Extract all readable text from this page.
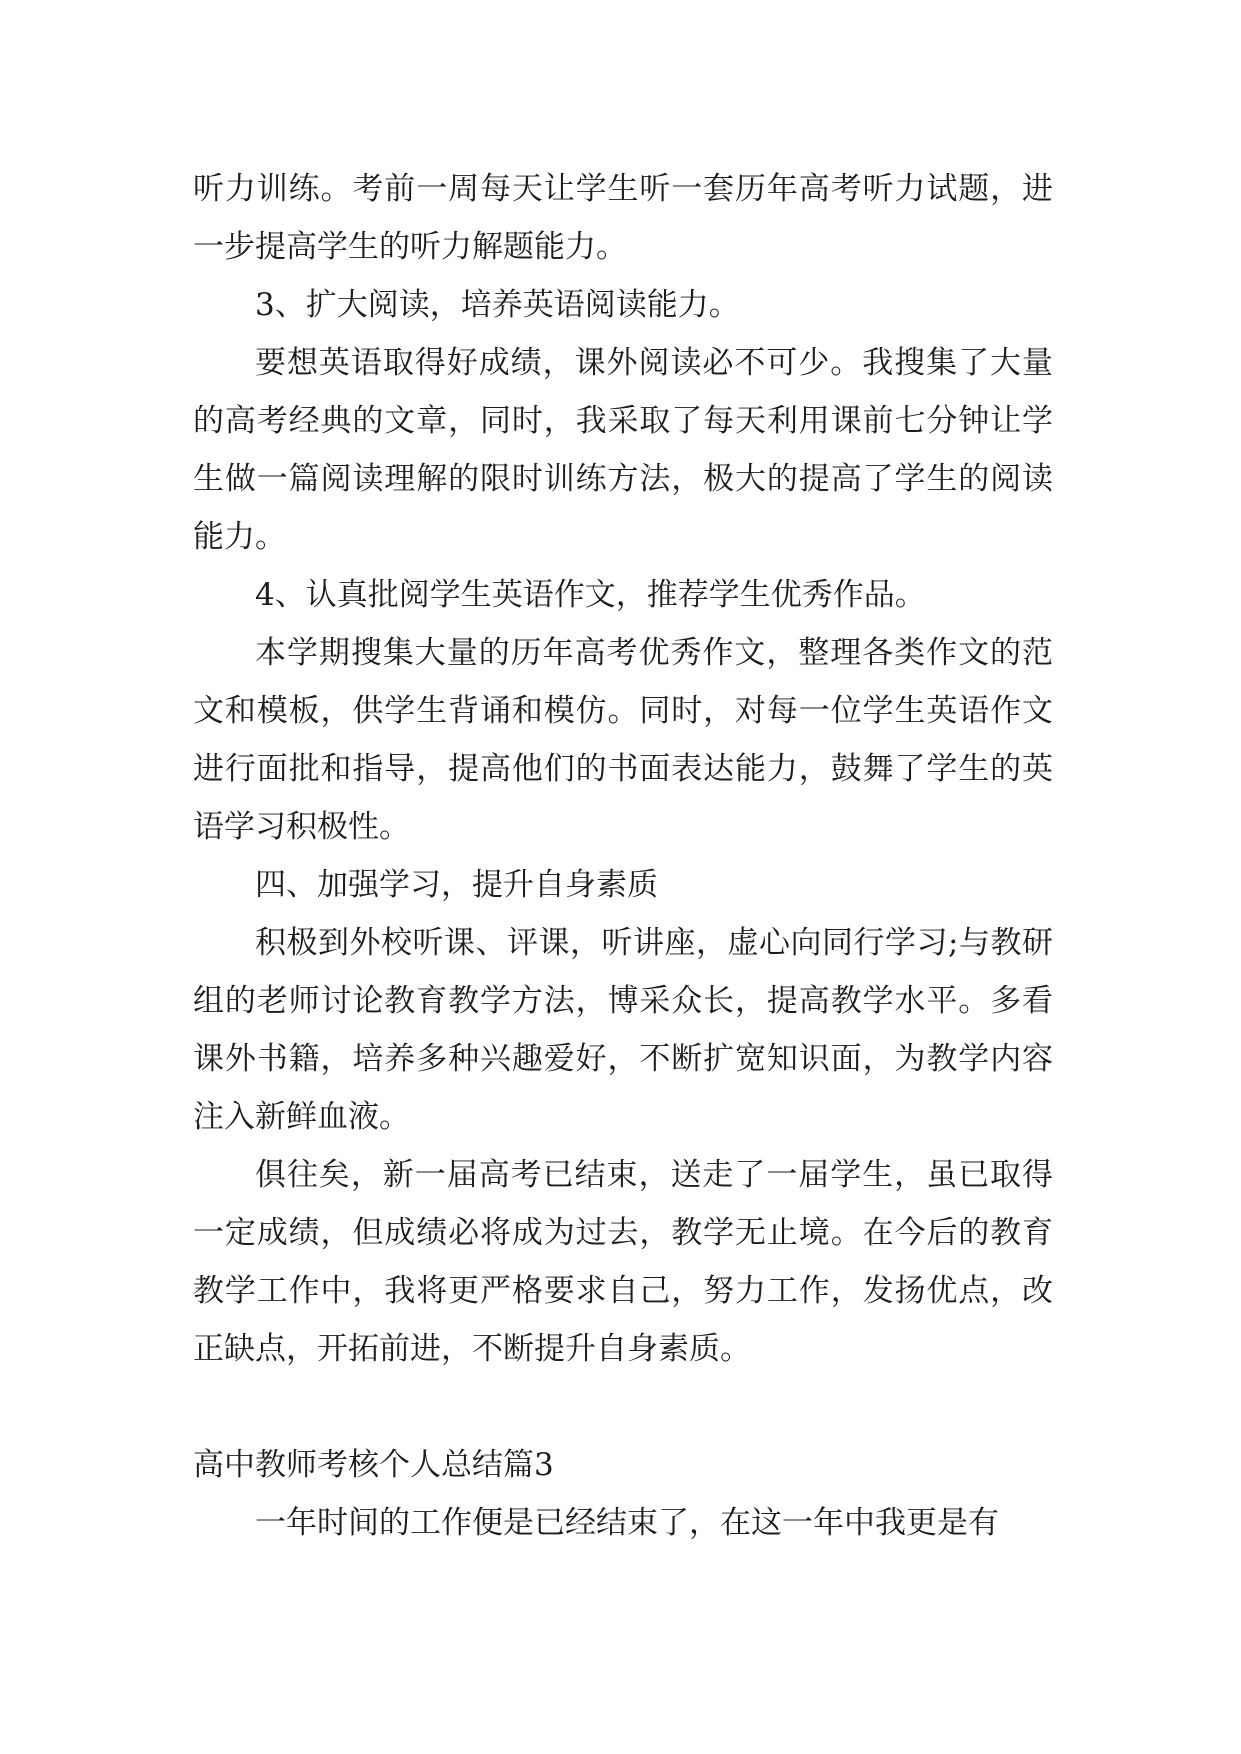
听力训练。考前一周每天让学生听一套历年高考听力试题，进一步提高学生的听力解题能力。

3、扩大阅读，培养英语阅读能力。

要想英语取得好成绩，课外阅读必不可少。我搜集了大量的高考经典的文章，同时，我采取了每天利用课前七分钟让学生做一篇阅读理解的限时训练方法，极大的提高了学生的阅读能力。

4、认真批阅学生英语作文，推荐学生优秀作品。

本学期搜集大量的历年高考优秀作文，整理各类作文的范文和模板，供学生背诵和模仿。同时，对每一位学生英语作文进行面批和指导，提高他们的书面表达能力，鼓舞了学生的英语学习积极性。

四、加强学习，提升自身素质

积极到外校听课、评课，听讲座，虚心向同行学习;与教研组的老师讨论教育教学方法，博采众长，提高教学水平。多看课外书籍，培养多种兴趣爱好，不断扩宽知识面，为教学内容注入新鲜血液。

俱往矣，新一届高考已结束，送走了一届学生，虽已取得一定成绩，但成绩必将成为过去，教学无止境。在今后的教育教学工作中，我将更严格要求自己，努力工作，发扬优点，改正缺点，开拓前进，不断提升自身素质。

高中教师考核个人总结篇3

一年时间的工作便是已经结束了，在这一年中我更是有
